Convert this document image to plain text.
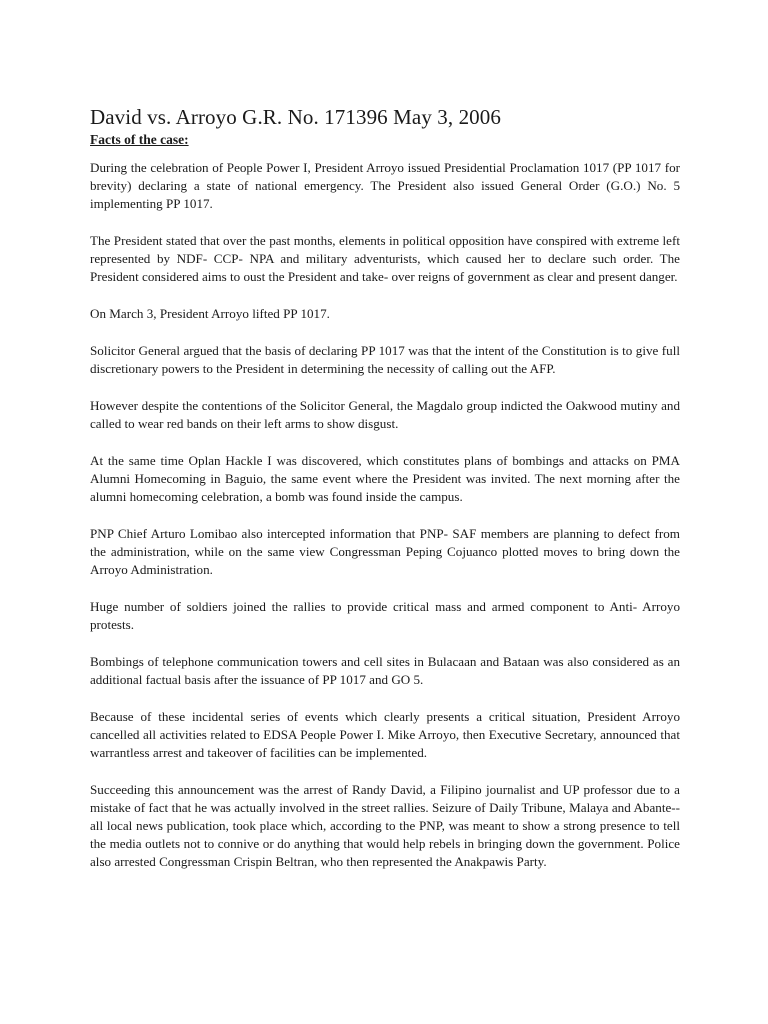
David vs. Arroyo G.R. No. 171396 May 3, 2006
Facts of the case:

During the celebration of People Power I, President Arroyo issued Presidential Proclamation 1017 (PP 1017 for brevity) declaring a state of national emergency. The President also issued General Order (G.O.) No. 5 implementing PP 1017.

The President stated that over the past months, elements in political opposition have conspired with extreme left represented by NDF- CCP- NPA and military adventurists, which caused her to declare such order. The President considered aims to oust the President and take- over reigns of government as clear and present danger.

On March 3, President Arroyo lifted PP 1017.

Solicitor General argued that the basis of declaring PP 1017 was that the intent of the Constitution is to give full discretionary powers to the President in determining the necessity of calling out the AFP.

However despite the contentions of the Solicitor General, the Magdalo group indicted the Oakwood mutiny and called to wear red bands on their left arms to show disgust.

At the same time Oplan Hackle I was discovered, which constitutes plans of bombings and attacks on PMA Alumni Homecoming in Baguio, the same event where the President was invited. The next morning after the alumni homecoming celebration, a bomb was found inside the campus.

PNP Chief Arturo Lomibao also intercepted information that PNP- SAF members are planning to defect from the administration, while on the same view Congressman Peping Cojuanco plotted moves to bring down the Arroyo Administration.

Huge number of soldiers joined the rallies to provide critical mass and armed component to Anti- Arroyo protests.

Bombings of telephone communication towers and cell sites in Bulacaan and Bataan was also considered as an additional factual basis after the issuance of PP 1017 and GO 5.

Because of these incidental series of events which clearly presents a critical situation, President Arroyo cancelled all activities related to EDSA People Power I. Mike Arroyo, then Executive Secretary, announced that warrantless arrest and takeover of facilities can be implemented.

Succeeding this announcement was the arrest of Randy David, a Filipino journalist and UP professor due to a mistake of fact that he was actually involved in the street rallies. Seizure of Daily Tribune, Malaya and Abante-- all local news publication, took place which, according to the PNP, was meant to show a strong presence to tell the media outlets not to connive or do anything that would help rebels in bringing down the government. Police also arrested Congressman Crispin Beltran, who then represented the Anakpawis Party.
